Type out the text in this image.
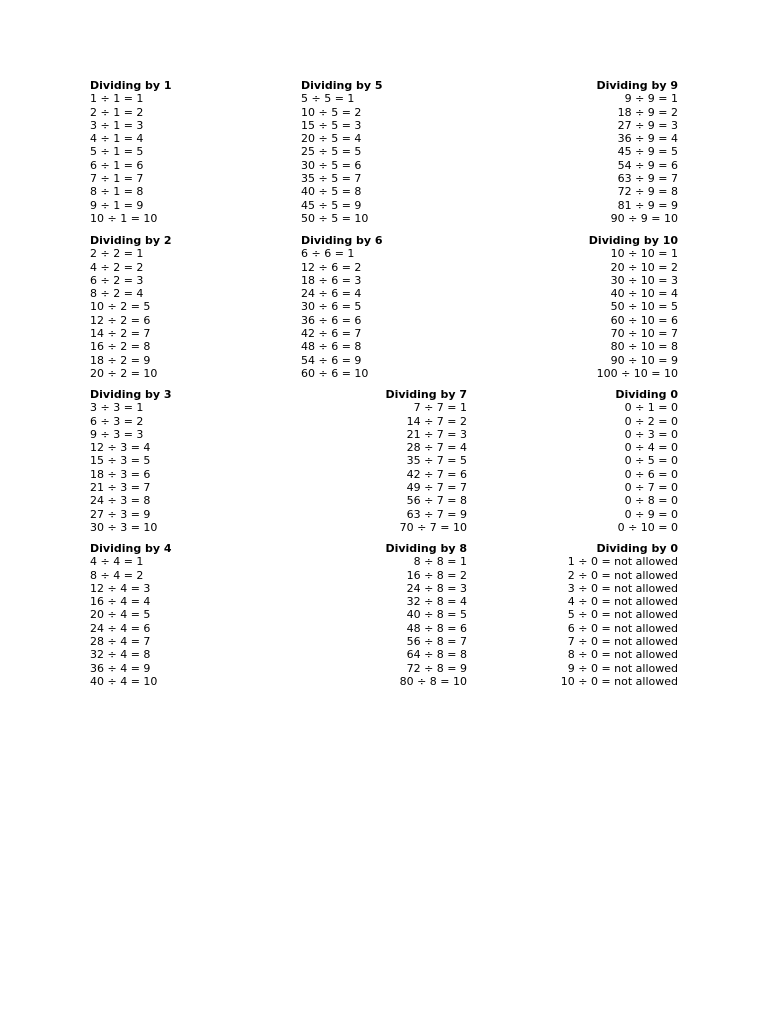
Dividing by 1
1 ÷ 1 = 1
2 ÷ 1 = 2
3 ÷ 1 = 3
4 ÷ 1 = 4
5 ÷ 1 = 5
6 ÷ 1 = 6
7 ÷ 1 = 7
8 ÷ 1 = 8
9 ÷ 1 = 9
10 ÷ 1 = 10
Dividing by 5
5 ÷ 5 = 1
10 ÷ 5 = 2
15 ÷ 5 = 3
20 ÷ 5 = 4
25 ÷ 5 = 5
30 ÷ 5 = 6
35 ÷ 5 = 7
40 ÷ 5 = 8
45 ÷ 5 = 9
50 ÷ 5 = 10
Dividing by 9
9 ÷ 9 = 1
18 ÷ 9 = 2
27 ÷ 9 = 3
36 ÷ 9 = 4
45 ÷ 9 = 5
54 ÷ 9 = 6
63 ÷ 9 = 7
72 ÷ 9 = 8
81 ÷ 9 = 9
90 ÷ 9 = 10
Dividing by 2
2 ÷ 2 = 1
4 ÷ 2 = 2
6 ÷ 2 = 3
8 ÷ 2 = 4
10 ÷ 2 = 5
12 ÷ 2 = 6
14 ÷ 2 = 7
16 ÷ 2 = 8
18 ÷ 2 = 9
20 ÷ 2 = 10
Dividing by 6
6 ÷ 6 = 1
12 ÷ 6 = 2
18 ÷ 6 = 3
24 ÷ 6 = 4
30 ÷ 6 = 5
36 ÷ 6 = 6
42 ÷ 6 = 7
48 ÷ 6 = 8
54 ÷ 6 = 9
60 ÷ 6 = 10
Dividing by 10
10 ÷ 10 = 1
20 ÷ 10 = 2
30 ÷ 10 = 3
40 ÷ 10 = 4
50 ÷ 10 = 5
60 ÷ 10 = 6
70 ÷ 10 = 7
80 ÷ 10 = 8
90 ÷ 10 = 9
100 ÷ 10 = 10
Dividing by 3
3 ÷ 3 = 1
6 ÷ 3 = 2
9 ÷ 3 = 3
12 ÷ 3 = 4
15 ÷ 3 = 5
18 ÷ 3 = 6
21 ÷ 3 = 7
24 ÷ 3 = 8
27 ÷ 3 = 9
30 ÷ 3 = 10
Dividing by 7
7 ÷ 7 = 1
14 ÷ 7 = 2
21 ÷ 7 = 3
28 ÷ 7 = 4
35 ÷ 7 = 5
42 ÷ 7 = 6
49 ÷ 7 = 7
56 ÷ 7 = 8
63 ÷ 7 = 9
70 ÷ 7 = 10
Dividing 0
0 ÷ 1 = 0
0 ÷ 2 = 0
0 ÷ 3 = 0
0 ÷ 4 = 0
0 ÷ 5 = 0
0 ÷ 6 = 0
0 ÷ 7 = 0
0 ÷ 8 = 0
0 ÷ 9 = 0
0 ÷ 10 = 0
Dividing by 4
4 ÷ 4 = 1
8 ÷ 4 = 2
12 ÷ 4 = 3
16 ÷ 4 = 4
20 ÷ 4 = 5
24 ÷ 4 = 6
28 ÷ 4 = 7
32 ÷ 4 = 8
36 ÷ 4 = 9
40 ÷ 4 = 10
Dividing by 8
8 ÷ 8 = 1
16 ÷ 8 = 2
24 ÷ 8 = 3
32 ÷ 8 = 4
40 ÷ 8 = 5
48 ÷ 8 = 6
56 ÷ 8 = 7
64 ÷ 8 = 8
72 ÷ 8 = 9
80 ÷ 8 = 10
Dividing by 0
1 ÷ 0 = not allowed
2 ÷ 0 = not allowed
3 ÷ 0 = not allowed
4 ÷ 0 = not allowed
5 ÷ 0 = not allowed
6 ÷ 0 = not allowed
7 ÷ 0 = not allowed
8 ÷ 0 = not allowed
9 ÷ 0 = not allowed
10 ÷ 0 = not allowed
